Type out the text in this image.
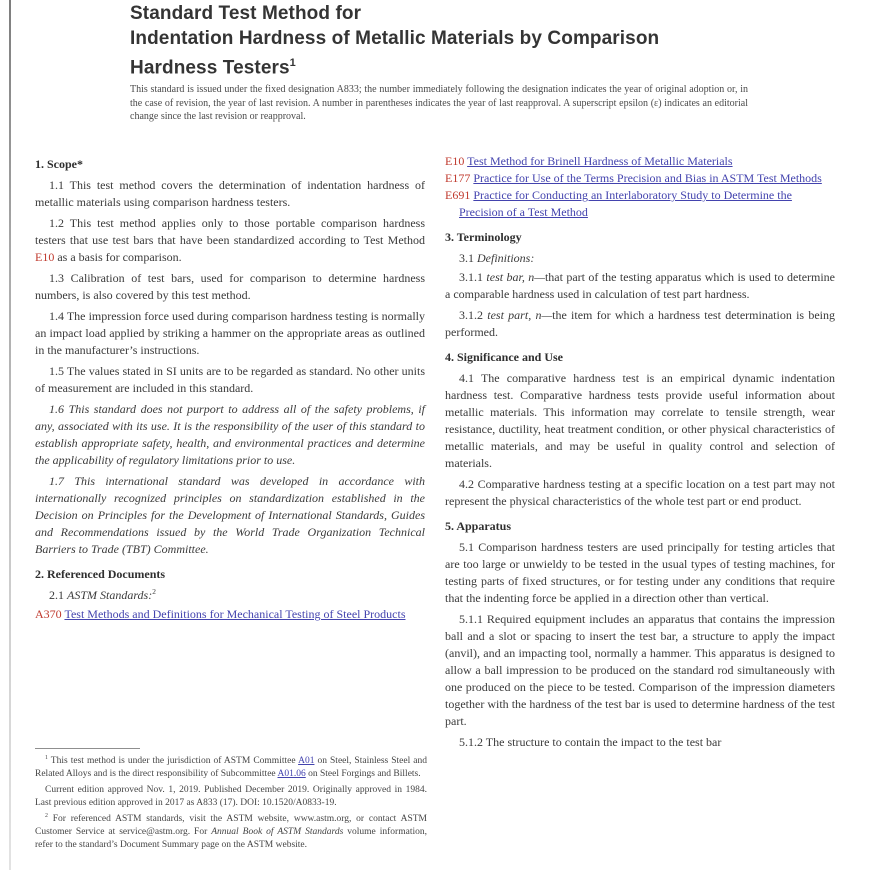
Standard Test Method for
Indentation Hardness of Metallic Materials by Comparison
Hardness Testers$^1$

This standard is issued under the fixed designation A833; the number immediately following the designation indicates the year of original adoption or, in the case of revision, the year of last revision. A number in parentheses indicates the year of last reapproval. A superscript epsilon (ε) indicates an editorial change since the last revision or reapproval.

1. Scope*

1.1 This test method covers the determination of indentation hardness of metallic materials using comparison hardness testers.

1.2 This test method applies only to those portable comparison hardness testers that use test bars that have been standardized according to Test Method E10 as a basis for comparison.

1.3 Calibration of test bars, used for comparison to determine hardness numbers, is also covered by this test method.

1.4 The impression force used during comparison hardness testing is normally an impact load applied by striking a hammer on the appropriate areas as outlined in the manufacturer’s instructions.

1.5 The values stated in SI units are to be regarded as standard. No other units of measurement are included in this standard.

1.6 This standard does not purport to address all of the safety problems, if any, associated with its use. It is the responsibility of the user of this standard to establish appropriate safety, health, and environmental practices and determine the applicability of regulatory limitations prior to use.

1.7 This international standard was developed in accordance with internationally recognized principles on standardization established in the Decision on Principles for the Development of International Standards, Guides and Recommendations issued by the World Trade Organization Technical Barriers to Trade (TBT) Committee.

2. Referenced Documents

2.1 ASTM Standards:$^2$

A370 Test Methods and Definitions for Mechanical Testing of Steel Products

E10 Test Method for Brinell Hardness of Metallic Materials

E177 Practice for Use of the Terms Precision and Bias in ASTM Test Methods

E691 Practice for Conducting an Interlaboratory Study to Determine the Precision of a Test Method

3. Terminology

3.1 Definitions:

3.1.1 test bar, n—that part of the testing apparatus which is used to determine a comparable hardness used in calculation of test part hardness.

3.1.2 test part, n—the item for which a hardness test determination is being performed.

4. Significance and Use

4.1 The comparative hardness test is an empirical dynamic indentation hardness test. Comparative hardness tests provide useful information about metallic materials. This information may correlate to tensile strength, wear resistance, ductility, heat treatment condition, or other physical characteristics of metallic materials, and may be useful in quality control and selection of materials.

4.2 Comparative hardness testing at a specific location on a test part may not represent the physical characteristics of the whole test part or end product.

5. Apparatus

5.1 Comparison hardness testers are used principally for testing articles that are too large or unwieldy to be tested in the usual types of testing machines, for testing parts of fixed structures, or for testing under any conditions that require that the indenting force be applied in a direction other than vertical.

5.1.1 Required equipment includes an apparatus that contains the impression ball and a slot or spacing to insert the test bar, a structure to apply the impact (anvil), and an impacting tool, normally a hammer. This apparatus is designed to allow a ball impression to be produced on the standard rod simultaneously with one produced on the piece to be tested. Comparison of the impression diameters together with the hardness of the test bar is used to determine hardness of the test part.

5.1.2 The structure to contain the impact to the test bar

$^1$ This test method is under the jurisdiction of ASTM Committee A01 on Steel, Stainless Steel and Related Alloys and is the direct responsibility of Subcommittee A01.06 on Steel Forgings and Billets.

Current edition approved Nov. 1, 2019. Published December 2019. Originally approved in 1984. Last previous edition approved in 2017 as A833 (17). DOI: 10.1520/A0833-19.

$^2$ For referenced ASTM standards, visit the ASTM website, www.astm.org, or contact ASTM Customer Service at service@astm.org. For Annual Book of ASTM Standards volume information, refer to the standard’s Document Summary page on the ASTM website.
